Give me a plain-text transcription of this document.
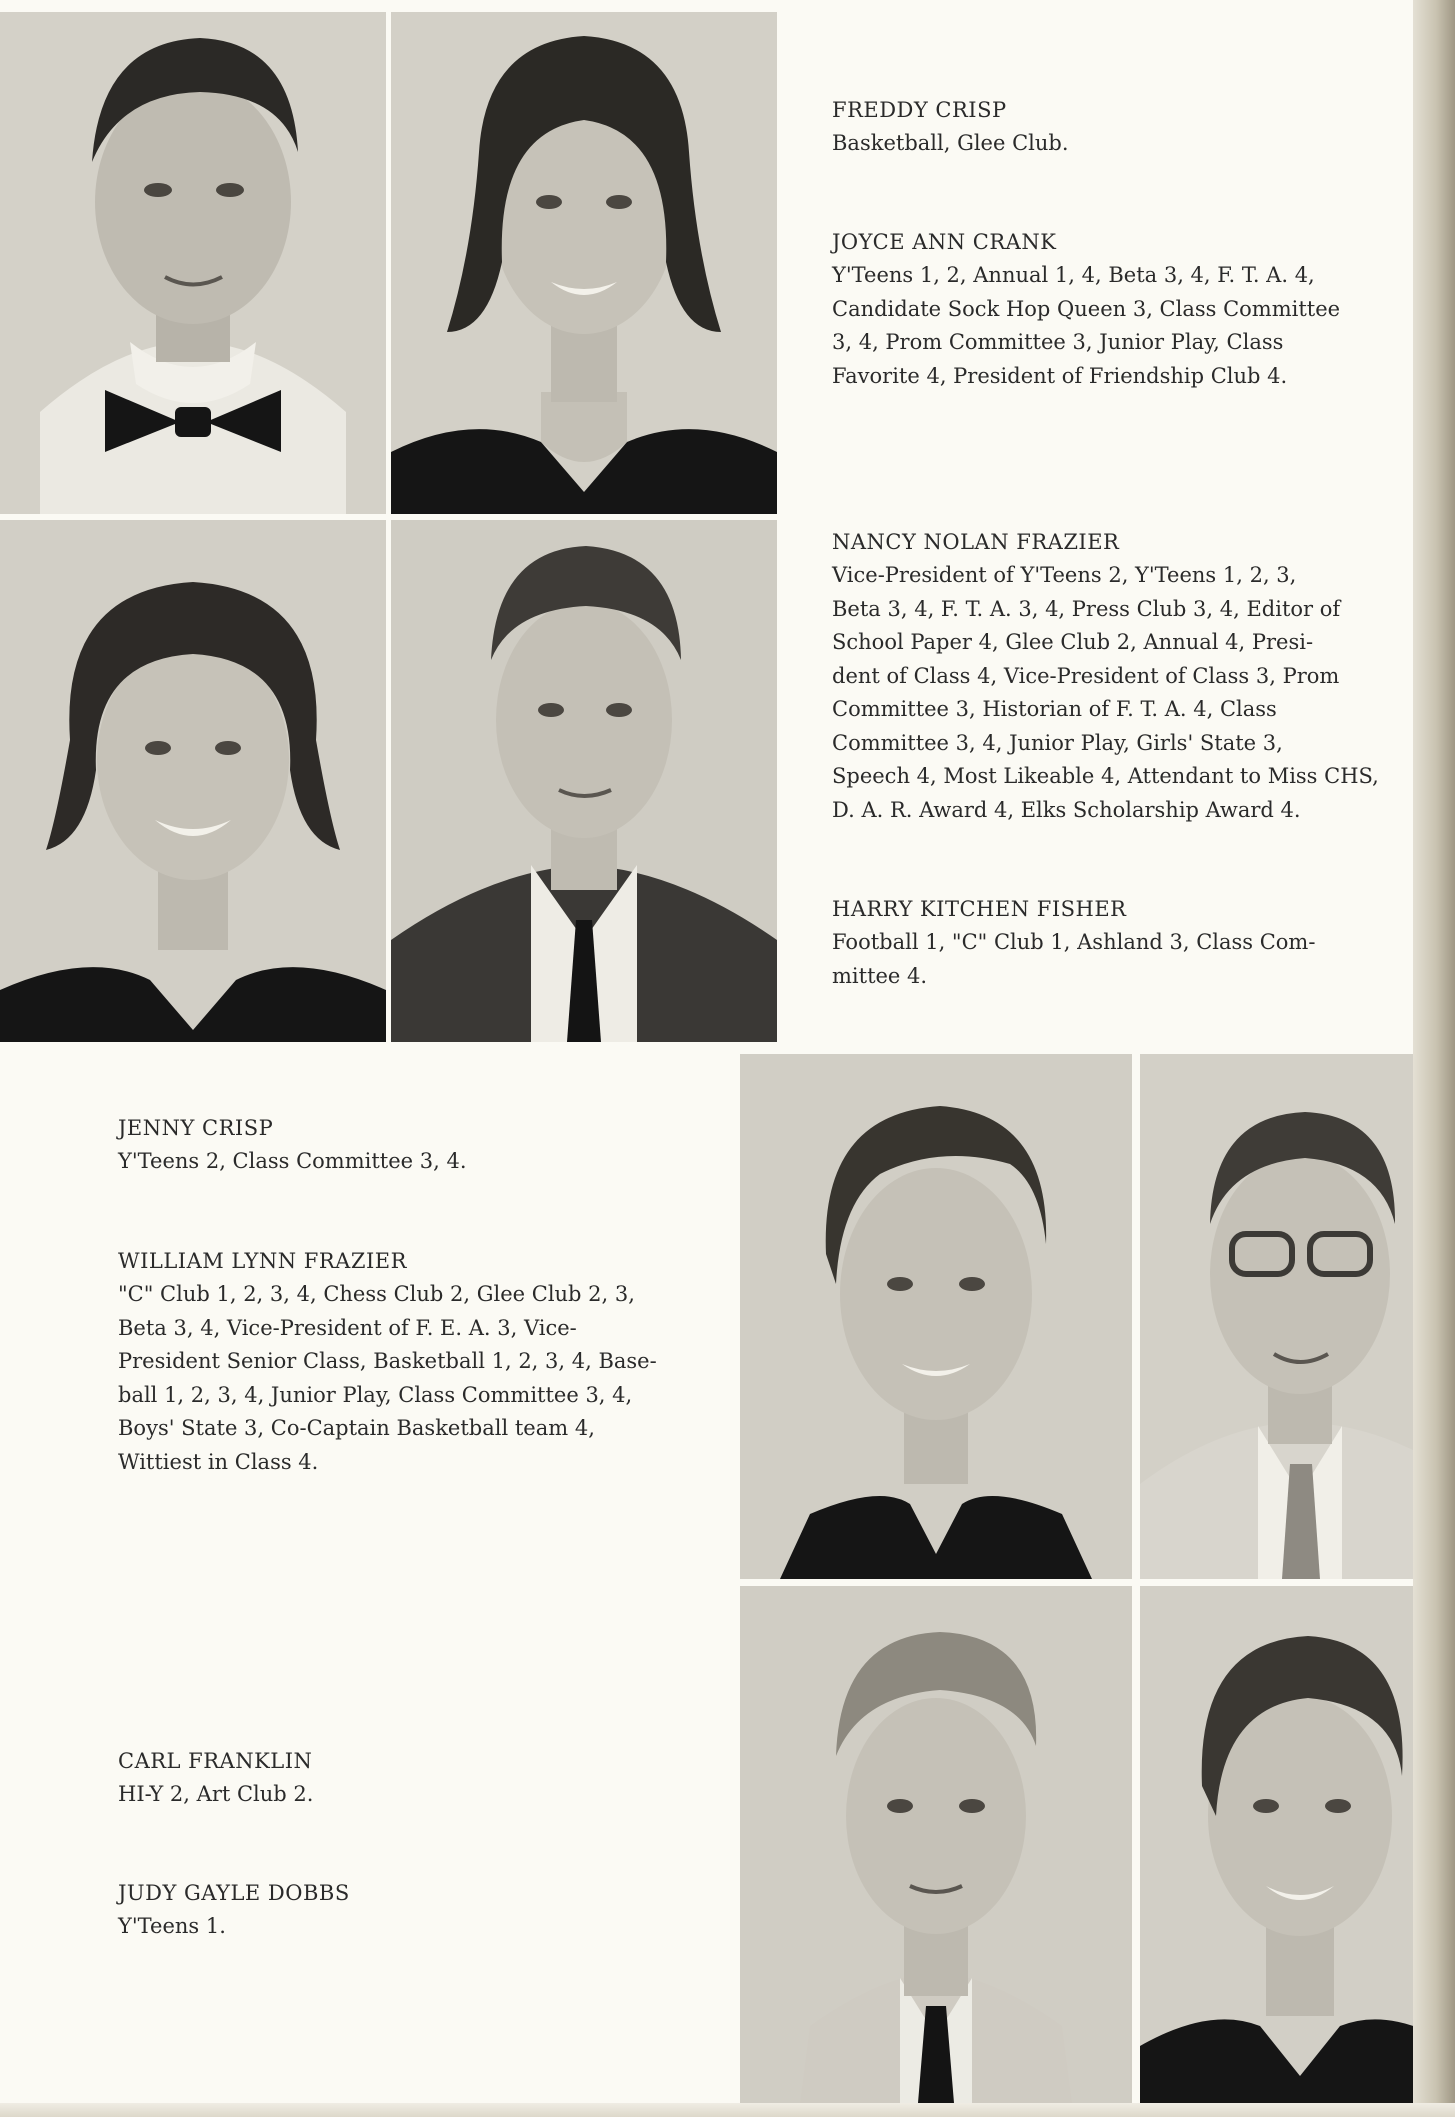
FREDDY CRISP
Basketball, Glee Club.
JOYCE ANN CRANK
Y'Teens 1, 2, Annual 1, 4, Beta 3, 4, F. T. A. 4,
Candidate Sock Hop Queen 3, Class Committee
3, 4, Prom Committee 3, Junior Play, Class
Favorite 4, President of Friendship Club 4.
NANCY NOLAN FRAZIER
Vice-President of Y'Teens 2, Y'Teens 1, 2, 3,
Beta 3, 4, F. T. A. 3, 4, Press Club 3, 4, Editor of
School Paper 4, Glee Club 2, Annual 4, Presi-
dent of Class 4, Vice-President of Class 3, Prom
Committee 3, Historian of F. T. A. 4, Class
Committee 3, 4, Junior Play, Girls' State 3,
Speech 4, Most Likeable 4, Attendant to Miss CHS,
D. A. R. Award 4, Elks Scholarship Award 4.
HARRY KITCHEN FISHER
Football 1, "C" Club 1, Ashland 3, Class Com-
mittee 4.
JENNY CRISP
Y'Teens 2, Class Committee 3, 4.
WILLIAM LYNN FRAZIER
"C" Club 1, 2, 3, 4, Chess Club 2, Glee Club 2, 3,
Beta 3, 4, Vice-President of F. E. A. 3, Vice-
President Senior Class, Basketball 1, 2, 3, 4, Base-
ball 1, 2, 3, 4, Junior Play, Class Committee 3, 4,
Boys' State 3, Co-Captain Basketball team 4,
Wittiest in Class 4.
CARL FRANKLIN
HI-Y 2, Art Club 2.
JUDY GAYLE DOBBS
Y'Teens 1.
